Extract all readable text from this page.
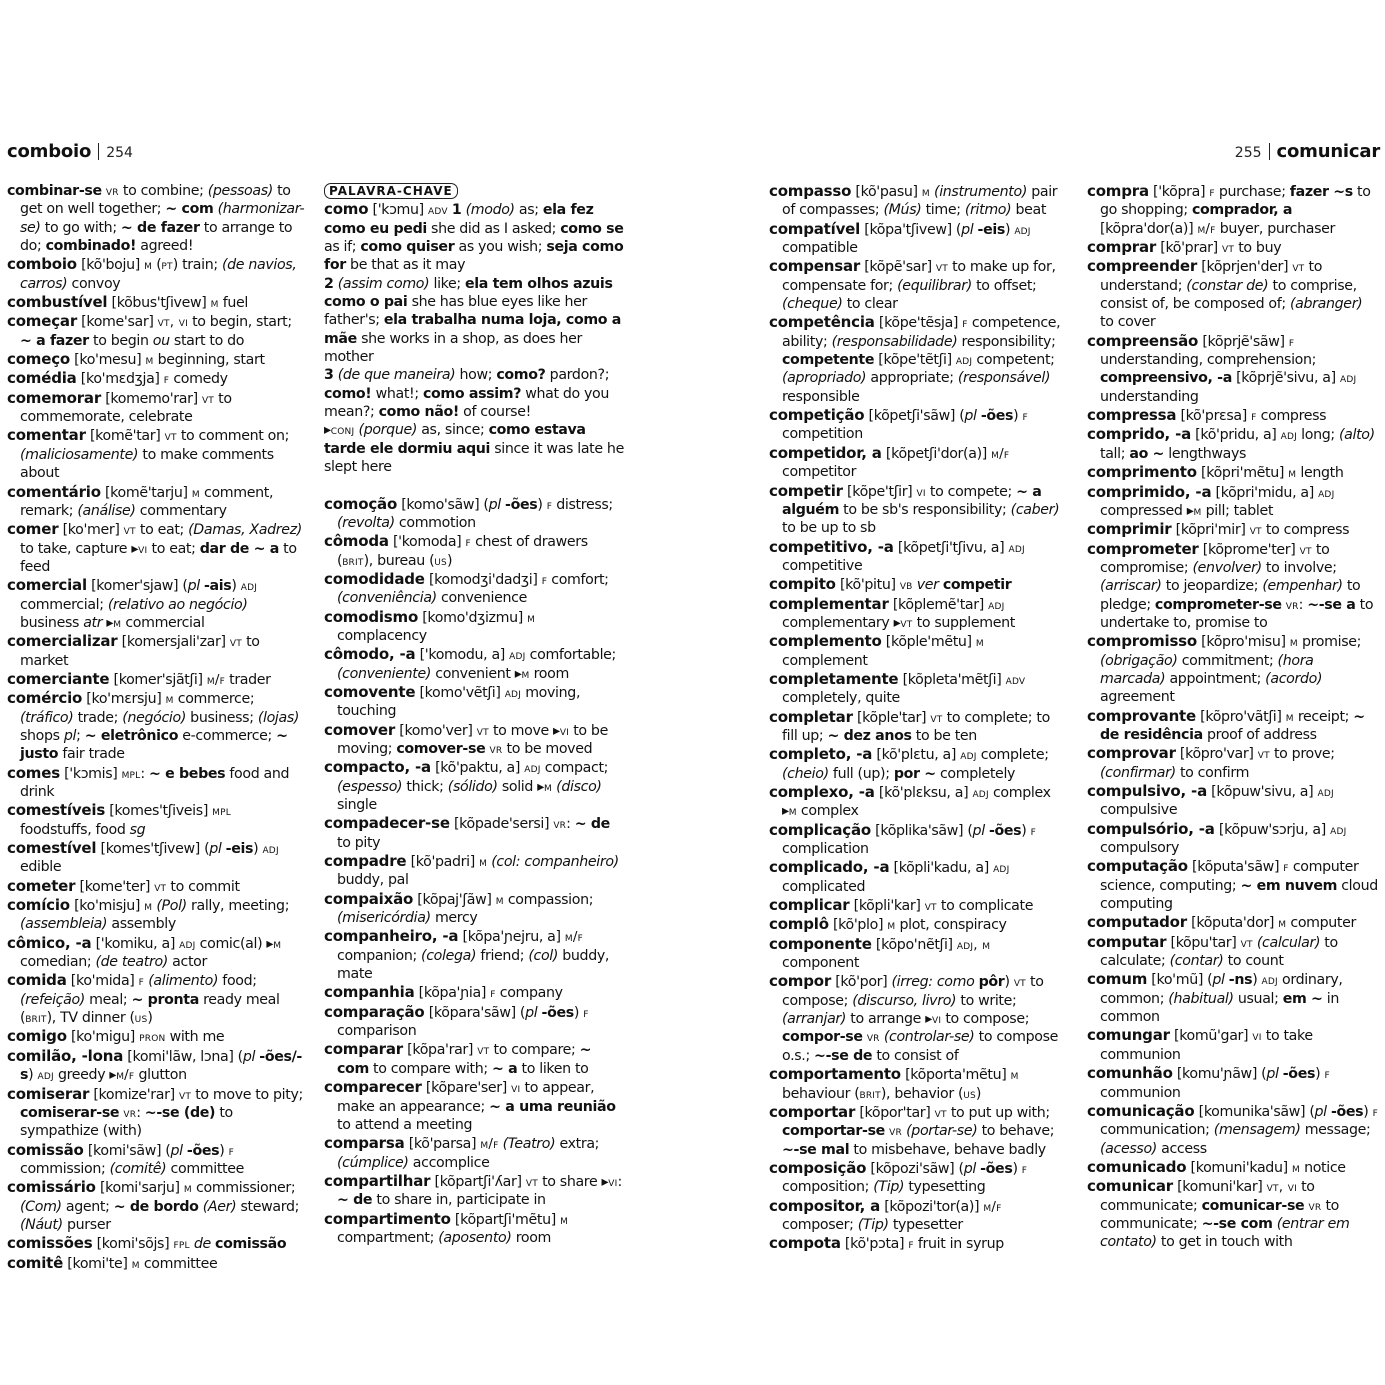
comboio 254	255 comunicar

combinar-se vr to combine; (pessoas) to get on well together; ~ com (harmonizar-se) to go with; ~ de fazer to arrange to do; combinado! agreed!

comboio [kõ'boju] m (pt) train; (de navios, carros) convoy

combustível [kõbus'tʃivew] m fuel

começar [kome'sar] vt, vi to begin, start; ~ a fazer to begin ou start to do

começo [ko'mesu] m beginning, start

comédia [ko'mɛdʒja] f comedy

comemorar [komemo'rar] vt to commemorate, celebrate

comentar [komẽ'tar] vt to comment on; (maliciosamente) to make comments about

comentário [komẽ'tarju] m comment, remark; (análise) commentary

comer [ko'mer] vt to eat; (Damas, Xadrez) to take, capture ▸vi to eat; dar de ~ a to feed

comercial [komer'sjaw] (pl -ais) adj commercial; (relativo ao negócio) business atr ▸m commercial

comercializar [komersjali'zar] vt to market

comerciante [komer'sjãtʃi] m/f trader

comércio [ko'mɛrsju] m commerce; (tráfico) trade; (negócio) business; (lojas) shops pl; ~ eletrônico e-commerce; ~ justo fair trade

comes ['kɔmis] mpl: ~ e bebes food and drink

comestíveis [komes'tʃiveis] mpl foodstuffs, food sg

comestível [komes'tʃivew] (pl -eis) adj edible

cometer [kome'ter] vt to commit

comício [ko'misju] m (Pol) rally, meeting; (assembleia) assembly

cômico, -a ['komiku, a] adj comic(al) ▸m comedian; (de teatro) actor

comida [ko'mida] f (alimento) food; (refeição) meal; ~ pronta ready meal (brit), TV dinner (us)

comigo [ko'migu] pron with me

comilão, -lona [komi'lãw, lɔna] (pl -ões/-s) adj greedy ▸m/f glutton

comiserar [komize'rar] vt to move to pity; comiserar-se vr: ~-se (de) to sympathize (with)

comissão [komi'sãw] (pl -ões) f commission; (comitê) committee

comissário [komi'sarju] m commissioner; (Com) agent; ~ de bordo (Aer) steward; (Náut) purser

comissões [komi'sõjs] fpl de comissão

comitê [komi'te] m committee

PALAVRA-CHAVE

como ['kɔmu] adv 1 (modo) as; ela fez como eu pedi she did as I asked; como se as if; como quiser as you wish; seja como for be that as it may

2 (assim como) like; ela tem olhos azuis como o pai she has blue eyes like her father's; ela trabalha numa loja, como a mãe she works in a shop, as does her mother

3 (de que maneira) how; como? pardon?; como! what!; como assim? what do you mean?; como não! of course!

▸conj (porque) as, since; como estava tarde ele dormiu aqui since it was late he slept here

comoção [komo'sãw] (pl -ões) f distress; (revolta) commotion

cômoda ['komoda] f chest of drawers (brit), bureau (us)

comodidade [komodʒi'dadʒi] f comfort; (conveniência) convenience

comodismo [komo'dʒizmu] m complacency

cômodo, -a ['komodu, a] adj comfortable; (conveniente) convenient ▸m room

comovente [komo'vẽtʃi] adj moving, touching

comover [komo'ver] vt to move ▸vi to be moving; comover-se vr to be moved

compacto, -a [kõ'paktu, a] adj compact; (espesso) thick; (sólido) solid ▸m (disco) single

compadecer-se [kõpade'sersi] vr: ~ de to pity

compadre [kõ'padri] m (col: companheiro) buddy, pal

compaixão [kõpaj'ʃãw] m compassion; (misericórdia) mercy

companheiro, -a [kõpa'ɲejru, a] m/f companion; (colega) friend; (col) buddy, mate

companhia [kõpa'ɲia] f company

comparação [kõpara'sãw] (pl -ões) f comparison

comparar [kõpa'rar] vt to compare; ~ com to compare with; ~ a to liken to

comparecer [kõpare'ser] vi to appear, make an appearance; ~ a uma reunião to attend a meeting

comparsa [kõ'parsa] m/f (Teatro) extra; (cúmplice) accomplice

compartilhar [kõpartʃi'ʎar] vt to share ▸vi: ~ de to share in, participate in

compartimento [kõpartʃi'mẽtu] m compartment; (aposento) room

compasso [kõ'pasu] m (instrumento) pair of compasses; (Mús) time; (ritmo) beat

compatível [kõpa'tʃivew] (pl -eis) adj compatible

compensar [kõpẽ'sar] vt to make up for, compensate for; (equilibrar) to offset; (cheque) to clear

competência [kõpe'tẽsja] f competence, ability; (responsabilidade) responsibility; competente [kõpe'tẽtʃi] adj competent; (apropriado) appropriate; (responsável) responsible

competição [kõpetʃi'sãw] (pl -ões) f competition

competidor, a [kõpetʃi'dor(a)] m/f competitor

competir [kõpe'tʃir] vi to compete; ~ a alguém to be sb's responsibility; (caber) to be up to sb

competitivo, -a [kõpetʃi'tʃivu, a] adj competitive

compito [kõ'pitu] vb ver competir

complementar [kõplemẽ'tar] adj complementary ▸vt to supplement

complemento [kõple'mẽtu] m complement

completamente [kõpleta'mẽtʃi] adv completely, quite

completar [kõple'tar] vt to complete; to fill up; ~ dez anos to be ten

completo, -a [kõ'plɛtu, a] adj complete; (cheio) full (up); por ~ completely

complexo, -a [kõ'plɛksu, a] adj complex ▸m complex

complicação [kõplika'sãw] (pl -ões) f complication

complicado, -a [kõpli'kadu, a] adj complicated

complicar [kõpli'kar] vt to complicate

complô [kõ'plo] m plot, conspiracy

componente [kõpo'nẽtʃi] adj, m component

compor [kõ'por] (irreg: como pôr) vt to compose; (discurso, livro) to write; (arranjar) to arrange ▸vi to compose; compor-se vr (controlar-se) to compose o.s.; ~-se de to consist of

comportamento [kõporta'mẽtu] m behaviour (brit), behavior (us)

comportar [kõpor'tar] vt to put up with; comportar-se vr (portar-se) to behave; ~-se mal to misbehave, behave badly

composição [kõpozi'sãw] (pl -ões) f composition; (Tip) typesetting

compositor, a [kõpozi'tor(a)] m/f composer; (Tip) typesetter

compota [kõ'pɔta] f fruit in syrup

compra ['kõpra] f purchase; fazer ~s to go shopping; comprador, a [kõpra'dor(a)] m/f buyer, purchaser

comprar [kõ'prar] vt to buy

compreender [kõprjen'der] vt to understand; (constar de) to comprise, consist of, be composed of; (abranger) to cover

compreensão [kõprjẽ'sãw] f understanding, comprehension; compreensivo, -a [kõprjẽ'sivu, a] adj understanding

compressa [kõ'prɛsa] f compress

comprido, -a [kõ'pridu, a] adj long; (alto) tall; ao ~ lengthways

comprimento [kõpri'mẽtu] m length

comprimido, -a [kõpri'midu, a] adj compressed ▸m pill; tablet

comprimir [kõpri'mir] vt to compress

comprometer [kõprome'ter] vt to compromise; (envolver) to involve; (arriscar) to jeopardize; (empenhar) to pledge; comprometer-se vr: ~-se a to undertake to, promise to

compromisso [kõpro'misu] m promise; (obrigação) commitment; (hora marcada) appointment; (acordo) agreement

comprovante [kõpro'vãtʃi] m receipt; ~ de residência proof of address

comprovar [kõpro'var] vt to prove; (confirmar) to confirm

compulsivo, -a [kõpuw'sivu, a] adj compulsive

compulsório, -a [kõpuw'sɔrju, a] adj compulsory

computação [kõputa'sãw] f computer science, computing; ~ em nuvem cloud computing

computador [kõputa'dor] m computer

computar [kõpu'tar] vt (calcular) to calculate; (contar) to count

comum [ko'mũ] (pl -ns) adj ordinary, common; (habitual) usual; em ~ in common

comungar [komũ'gar] vi to take communion

comunhão [komu'ɲãw] (pl -ões) f communion

comunicação [komunika'sãw] (pl -ões) f communication; (mensagem) message; (acesso) access

comunicado [komuni'kadu] m notice

comunicar [komuni'kar] vt, vi to communicate; comunicar-se vr to communicate; ~-se com (entrar em contato) to get in touch with
